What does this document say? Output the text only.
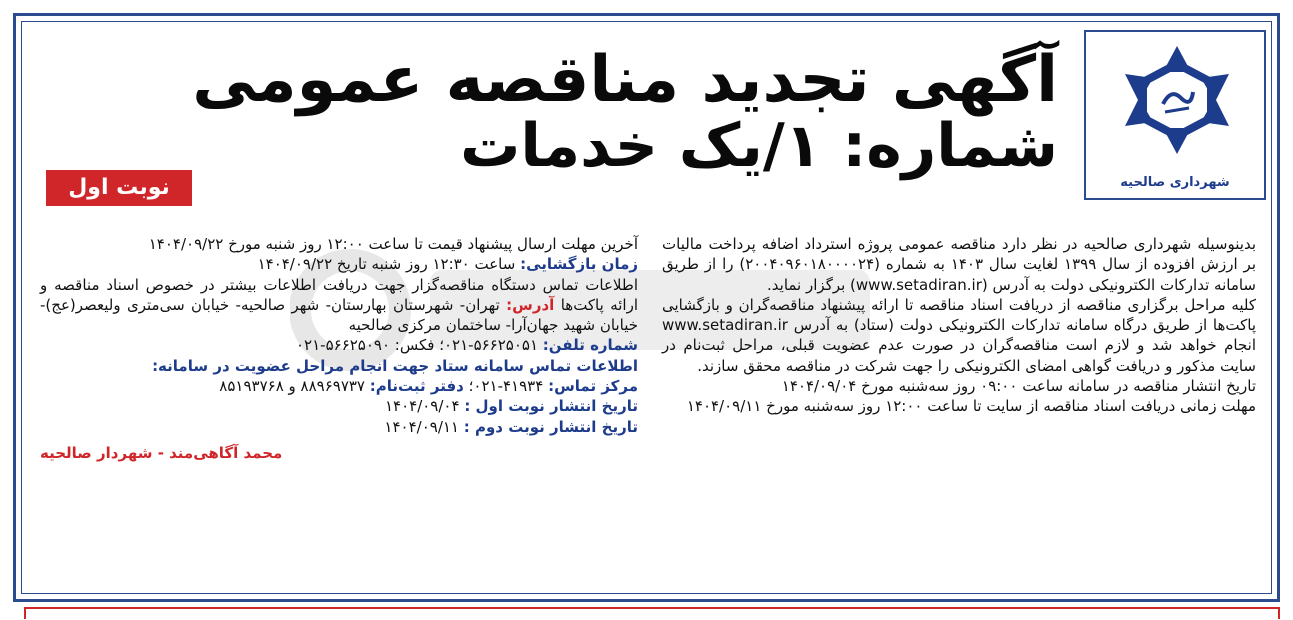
شهرداری صالحیه
آگهی تجدید مناقصه عمومی
شماره: ۱/یک خدمات
نوبت اول

بدینوسیله شهرداری صالحیه در نظر دارد مناقصه عمومی پروژه استرداد اضافه پرداخت مالیات بر ارزش افزوده از سال ۱۳۹۹ لغایت سال ۱۴۰۳ به شماره (۲۰۰۴۰۹۶۰۱۸۰۰۰۰۲۴) را از طریق سامانه تدارکات الکترونیکی دولت به آدرس (www.setadiran.ir) برگزار نماید.

کلیه مراحل برگزاری مناقصه از دریافت اسناد مناقصه تا ارائه پیشنهاد مناقصه‌گران و بازگشایی پاکت‌ها از طریق درگاه سامانه تدارکات الکترونیکی دولت (ستاد) به آدرس www.setadiran.ir انجام خواهد شد و لازم است مناقصه‌گران در صورت عدم عضویت قبلی، مراحل ثبت‌نام در سایت مذکور و دریافت گواهی امضای الکترونیکی را جهت شرکت در مناقصه محقق سازند.

تاریخ انتشار مناقصه در سامانه ساعت ۰۹:۰۰ روز سه‌شنبه مورخ ۱۴۰۴/۰۹/۰۴

مهلت زمانی دریافت اسناد مناقصه از سایت تا ساعت ۱۲:۰۰ روز سه‌شنبه مورخ ۱۴۰۴/۰۹/۱۱

آخرین مهلت ارسال پیشنهاد قیمت تا ساعت ۱۲:۰۰ روز شنبه مورخ ۱۴۰۴/۰۹/۲۲

زمان بازگشایی: ساعت ۱۲:۳۰ روز شنبه تاریخ ۱۴۰۴/۰۹/۲۲

اطلاعات تماس دستگاه مناقصه‌گزار جهت دریافت اطلاعات بیشتر در خصوص اسناد مناقصه و ارائه پاکت‌ها آدرس: تهران- شهرستان بهارستان- شهر صالحیه- خیابان سی‌متری ولیعصر(عج)- خیابان شهید جهان‌آرا- ساختمان مرکزی صالحیه

شماره تلفن: ۵۶۶۲۵۰۵۱-۰۲۱؛ فکس: ۵۶۶۲۵۰۹۰-۰۲۱

اطلاعات تماس سامانه ستاد جهت انجام مراحل عضویت در سامانه:

مرکز تماس: ۴۱۹۳۴-۰۲۱؛ دفتر ثبت‌نام: ۸۸۹۶۹۷۳۷ و ۸۵۱۹۳۷۶۸

تاریخ انتشار نوبت اول : ۱۴۰۴/۰۹/۰۴

تاریخ انتشار نوبت دوم : ۱۴۰۴/۰۹/۱۱

محمد آگاهی‌مند - شهردار صالحیه
